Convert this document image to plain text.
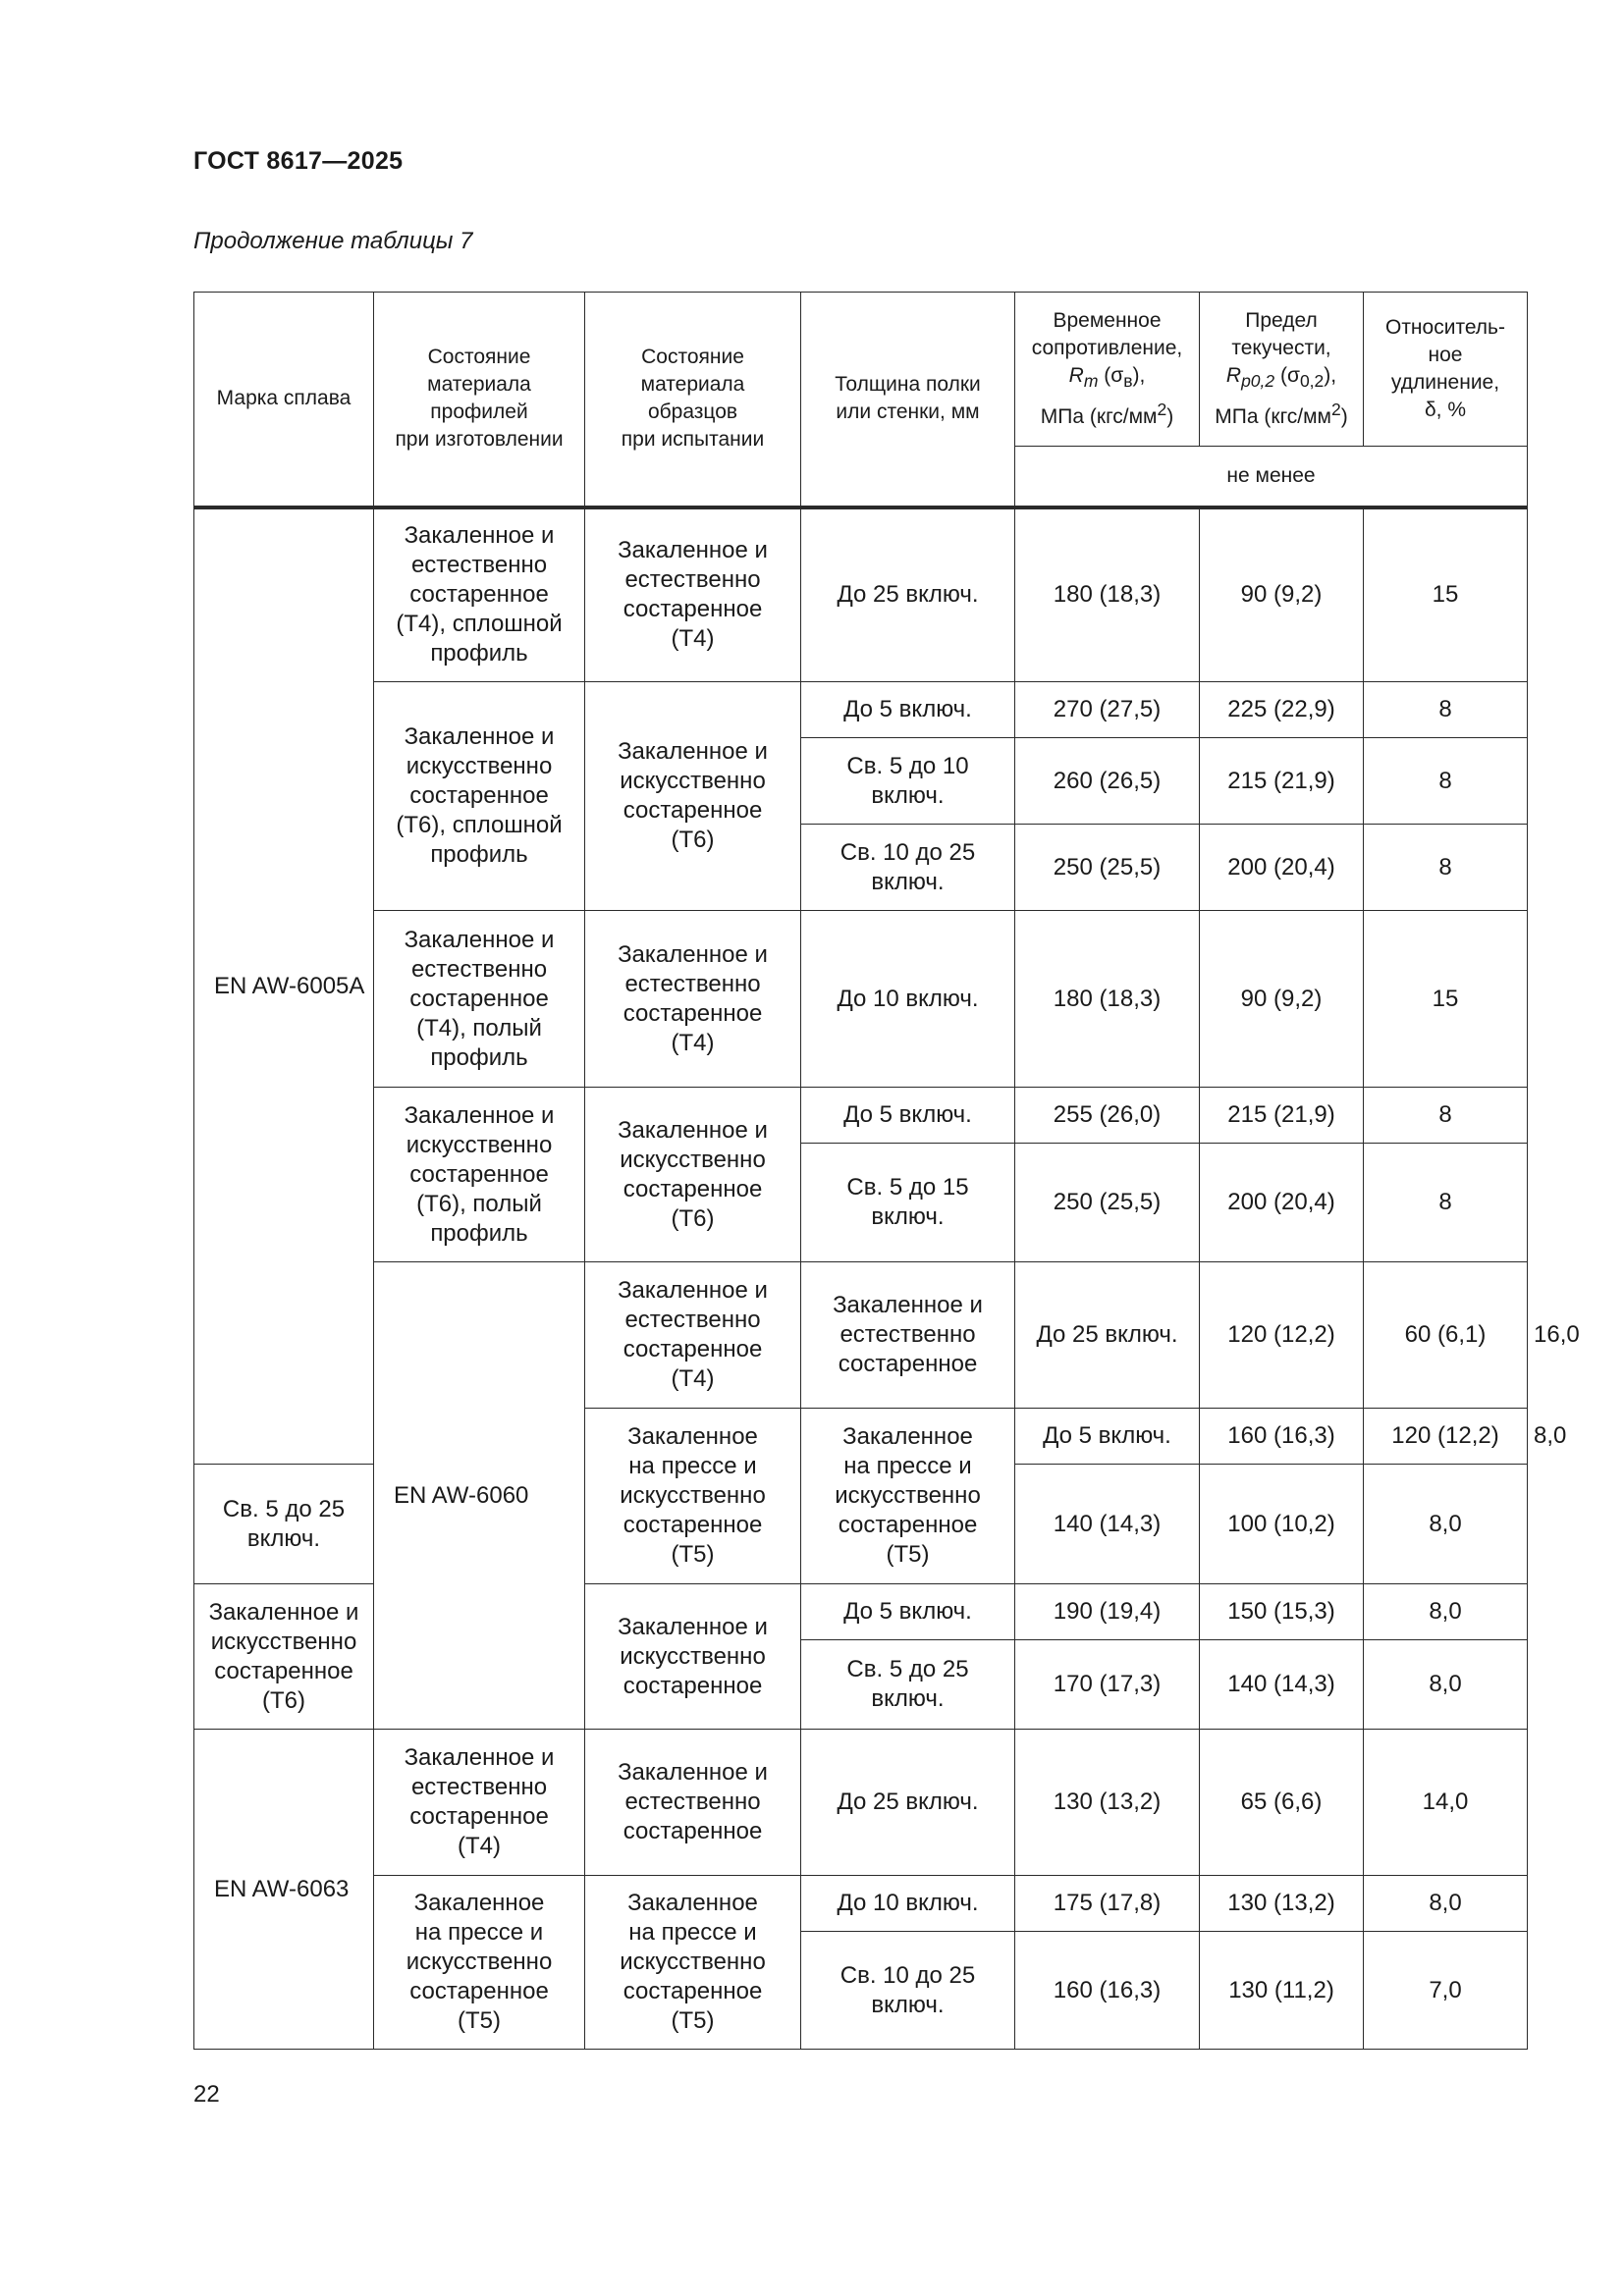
ГОСТ 8617—2025
Продолжение таблицы 7
Марка сплава	Состояние
материала
профилей
при изготовлении	Состояние
материала
образцов
при испытании	Толщина полки
или стенки, мм	Временное
сопротивление,
$R_m$ $(\sigma_в)$,
МПа $(кгс/мм^2)$	Предел
текучести,
$R_{p0,2}$ $(\sigma_{0,2})$,
МПа $(кгс/мм^2)$	Относитель-
ное
удлинение,
δ, %	

				не менее			
EN AW-6005A	Закаленное и
естественно
состаренное
(Т4), сплошной
профиль	Закаленное и
естественно
состаренное
(Т4)	До 25 включ.	180 (18,3)	90 (9,2)	15	

	Закаленное и
искусственно
состаренное
(Т6), сплошной
профиль	Закаленное и
искусственно
состаренное
(Т6)	До 5 включ.	270 (27,5)	225 (22,9)	8	

			Св. 5 до 10
включ.	260 (26,5)	215 (21,9)	8	

			Св. 10 до 25
включ.	250 (25,5)	200 (20,4)	8	

	Закаленное и
естественно
состаренное
(Т4), полый
профиль	Закаленное и
естественно
состаренное
(Т4)	До 10 включ.	180 (18,3)	90 (9,2)	15	

	Закаленное и
искусственно
состаренное
(Т6), полый
профиль	Закаленное и
искусственно
состаренное
(Т6)	До 5 включ.	255 (26,0)	215 (21,9)	8	

			Св. 5 до 15
включ.	250 (25,5)	200 (20,4)	8	
	EN AW-6060	Закаленное и
естественно
состаренное
(Т4)	Закаленное и
естественно
состаренное	До 25 включ.	120 (12,2)	60 (6,1)	16,0

		Закаленное
на прессе и
искусственно
состаренное
(Т5)	Закаленное
на прессе и
искусственно
состаренное
(Т5)	До 5 включ.	160 (16,3)	120 (12,2)	8,0

Св. 5 до 25
включ.				140 (14,3)	100 (10,2)	8,0	

Закаленное и
искусственно
состаренное
(Т6)		Закаленное и
искусственно
состаренное	До 5 включ.	190 (19,4)	150 (15,3)	8,0	

			Св. 5 до 25
включ.	170 (17,3)	140 (14,3)	8,0	
EN AW-6063	Закаленное и
естественно
состаренное
(Т4)	Закаленное и
естественно
состаренное	До 25 включ.	130 (13,2)	65 (6,6)	14,0	

	Закаленное
на прессе и
искусственно
состаренное
(Т5)	Закаленное
на прессе и
искусственно
состаренное
(Т5)	До 10 включ.	175 (17,8)	130 (13,2)	8,0	

			Св. 10 до 25
включ.	160 (16,3)	130 (11,2)	7,0	
22
